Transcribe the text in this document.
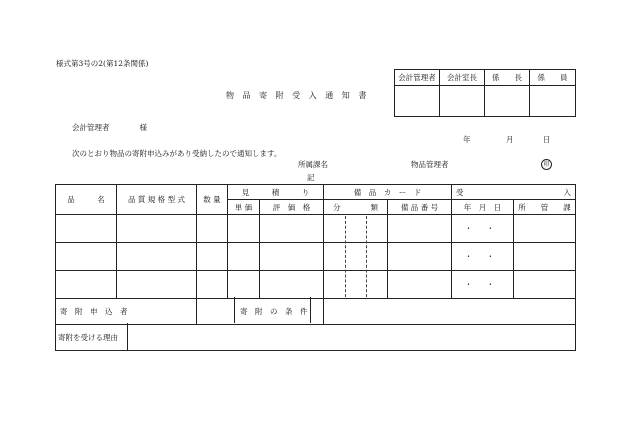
様式第3号の2(第12条関係)
会計管理者	会計室長	係　　長	係　　員

物 品 寄 附 受 入 通 知 書
会計管理者　　　　様
年	月	日
次のとおり物品の寄附申込みがあり受納したので通知します。
所属課名	物品管理者	印
記
品　　　名	品 質 規 格 型 式	数 量	見　　　積　　　り		備　品　カ　ー　ド		受 入	

			単 価	評　価　格	分　　　　類	備 品 番 号	年　月　日	所　　管　　課
							・ ・	
							・ ・	
							・ ・	
寄　附　申　込　者									寄　附　の　条　件
寄附を受ける理由
